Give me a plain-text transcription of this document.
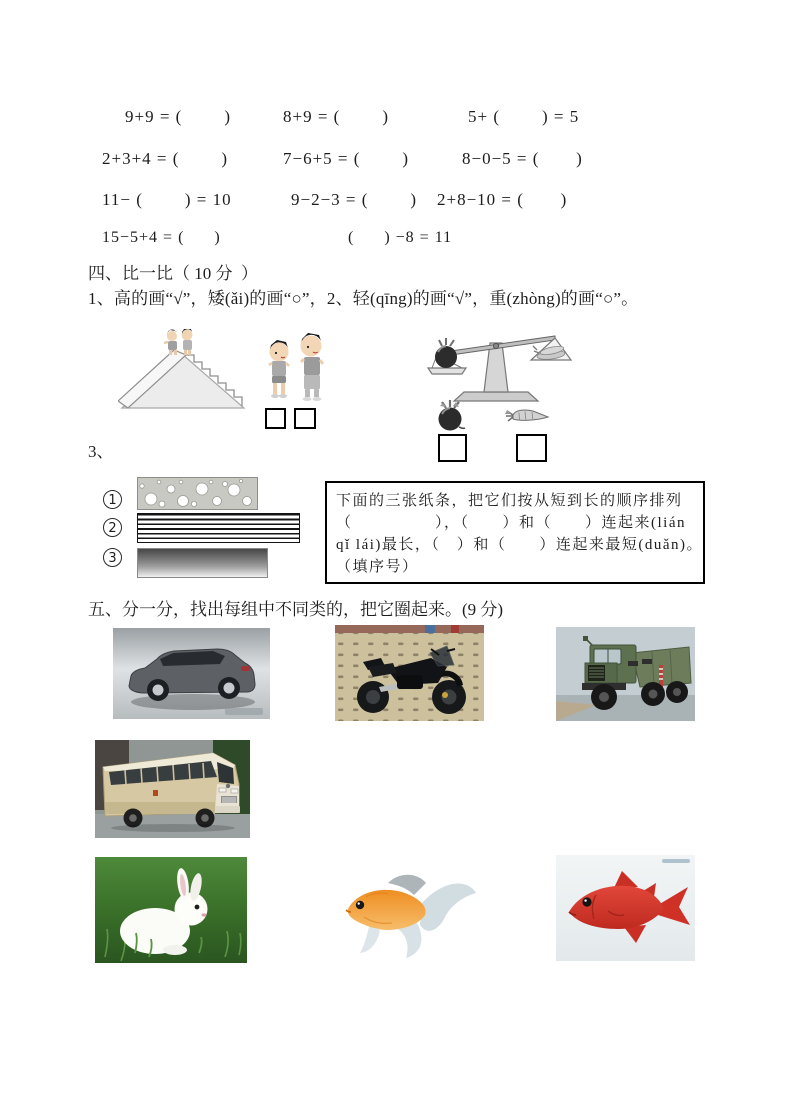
9+9 = (        )	8+9 = (        )	5+ (        ) = 5
2+3+4 = (        )	7−6+5 = (        )	8−0−5 = (       )
11− (        ) = 10	9−2−3 = (        ) 2+8−10 = (       )
15−5+4 = (      )	(      ) −8 = 11
四、比一比（ 10 分  ）
1、高的画“√”，矮(ǎi)的画“○”，2、轻(qīng)的画“√”，重(zhòng)的画“○”。
3、
1
2
3
下面的三张纸条，把它们按从短到长的顺序排列
（　　　　　），（　　）和（　　）连起来(lián
qǐ lái)最长，（　）和（　　）连起来最短(duǎn)。
（填序号）
五、分一分，找出每组中不同类的，把它圈起来。(9 分)
